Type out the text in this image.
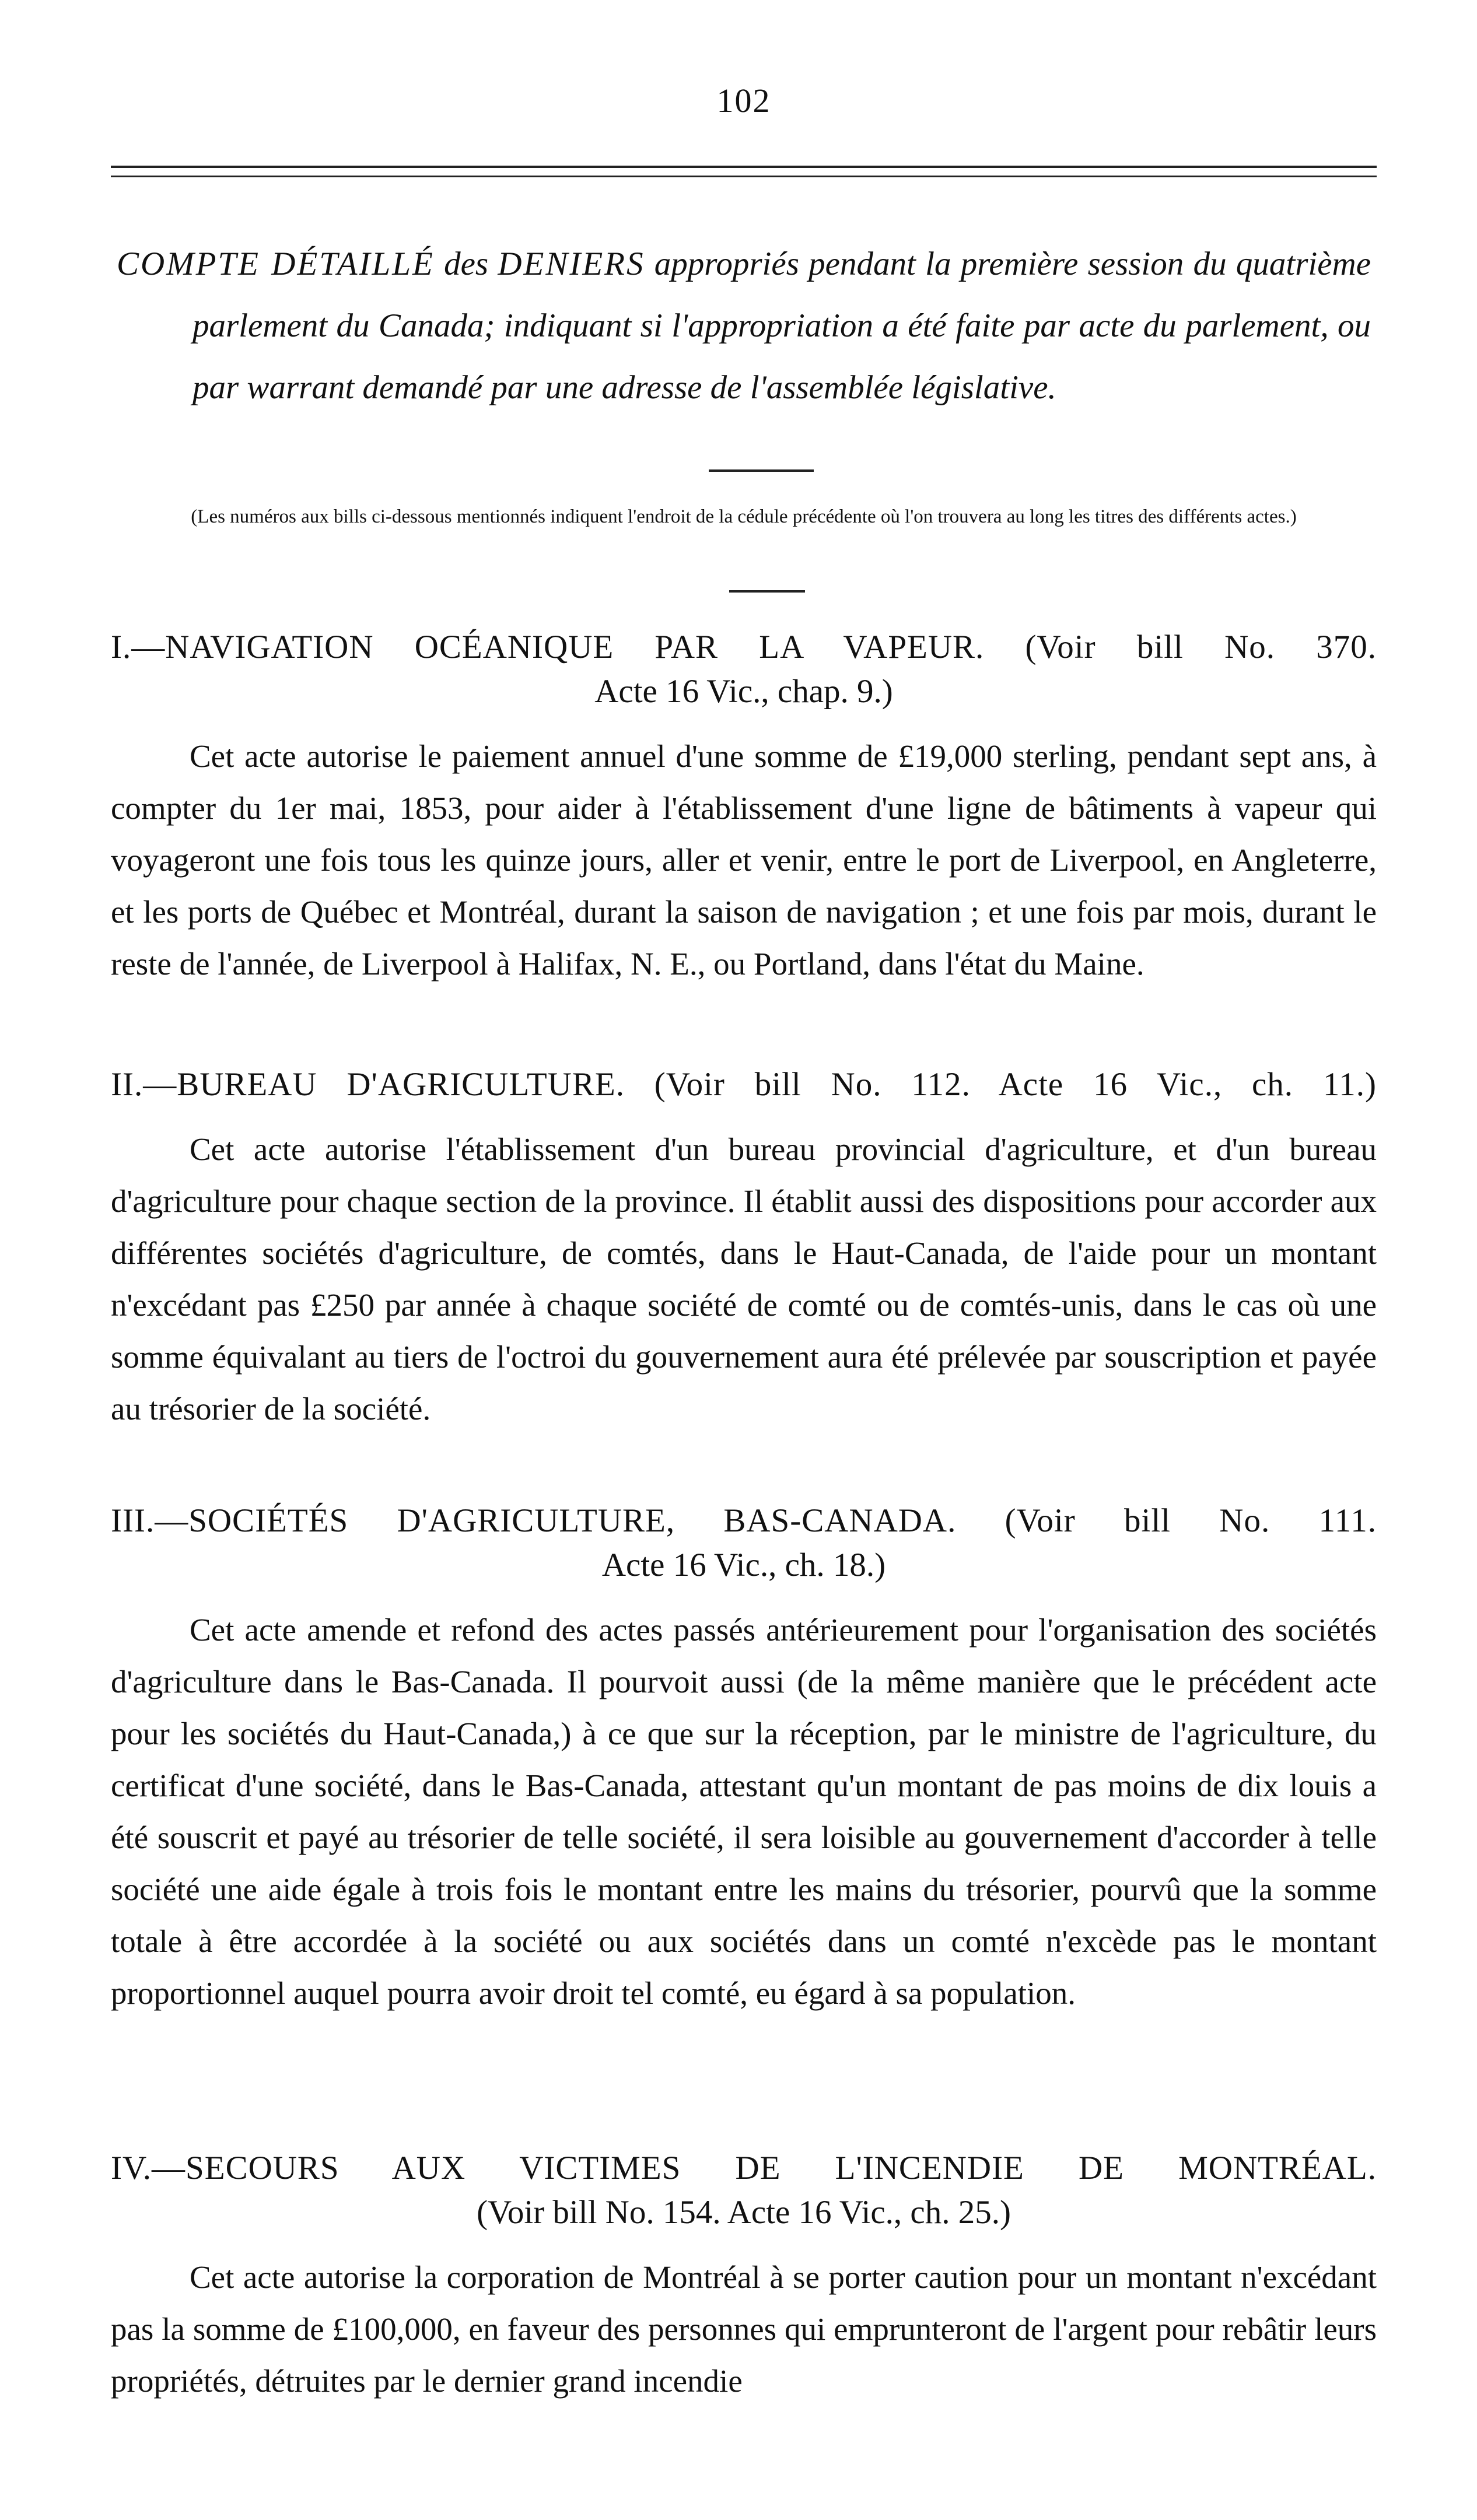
102
COMPTE DÉTAILLÉ des DENIERS appropriés pendant la première session du quatrième parlement du Canada; indiquant si l'appropriation a été faite par acte du parlement, ou par warrant demandé par une adresse de l'assemblée législative.
(Les numéros aux bills ci-dessous mentionnés indiquent l'endroit de la cédule précédente où l'on trouvera au long les titres des différents actes.)
I.—NAVIGATION OCÉANIQUE PAR LA VAPEUR. (Voir bill No. 370.
Acte 16 Vic., chap. 9.)
Cet acte autorise le paiement annuel d'une somme de £19,000 sterling, pendant sept ans, à compter du 1er mai, 1853, pour aider à l'établissement d'une ligne de bâtiments à vapeur qui voyageront une fois tous les quinze jours, aller et venir, entre le port de Liverpool, en Angleterre, et les ports de Québec et Montréal, durant la saison de navigation ; et une fois par mois, durant le reste de l'année, de Liverpool à Halifax, N. E., ou Portland, dans l'état du Maine.
II.—BUREAU D'AGRICULTURE. (Voir bill No. 112. Acte 16 Vic., ch. 11.)
Cet acte autorise l'établissement d'un bureau provincial d'agriculture, et d'un bureau d'agriculture pour chaque section de la province. Il établit aussi des dispositions pour accorder aux différentes sociétés d'agriculture, de comtés, dans le Haut-Canada, de l'aide pour un montant n'excédant pas £250 par année à chaque société de comté ou de comtés-unis, dans le cas où une somme équivalant au tiers de l'octroi du gouvernement aura été prélevée par souscription et payée au trésorier de la société.
III.—SOCIÉTÉS D'AGRICULTURE, BAS-CANADA. (Voir bill No. 111.
Acte 16 Vic., ch. 18.)
Cet acte amende et refond des actes passés antérieurement pour l'organisation des sociétés d'agriculture dans le Bas-Canada. Il pourvoit aussi (de la même manière que le précédent acte pour les sociétés du Haut-Canada,) à ce que sur la réception, par le ministre de l'agriculture, du certificat d'une société, dans le Bas-Canada, attestant qu'un montant de pas moins de dix louis a été souscrit et payé au trésorier de telle société, il sera loisible au gouvernement d'accorder à telle société une aide égale à trois fois le montant entre les mains du trésorier, pourvû que la somme totale à être accordée à la société ou aux sociétés dans un comté n'excède pas le montant proportionnel auquel pourra avoir droit tel comté, eu égard à sa population.
IV.—SECOURS AUX VICTIMES DE L'INCENDIE DE MONTRÉAL.
(Voir bill No. 154. Acte 16 Vic., ch. 25.)
Cet acte autorise la corporation de Montréal à se porter caution pour un montant n'excédant pas la somme de £100,000, en faveur des personnes qui emprunteront de l'argent pour rebâtir leurs propriétés, détruites par le dernier grand incendie
